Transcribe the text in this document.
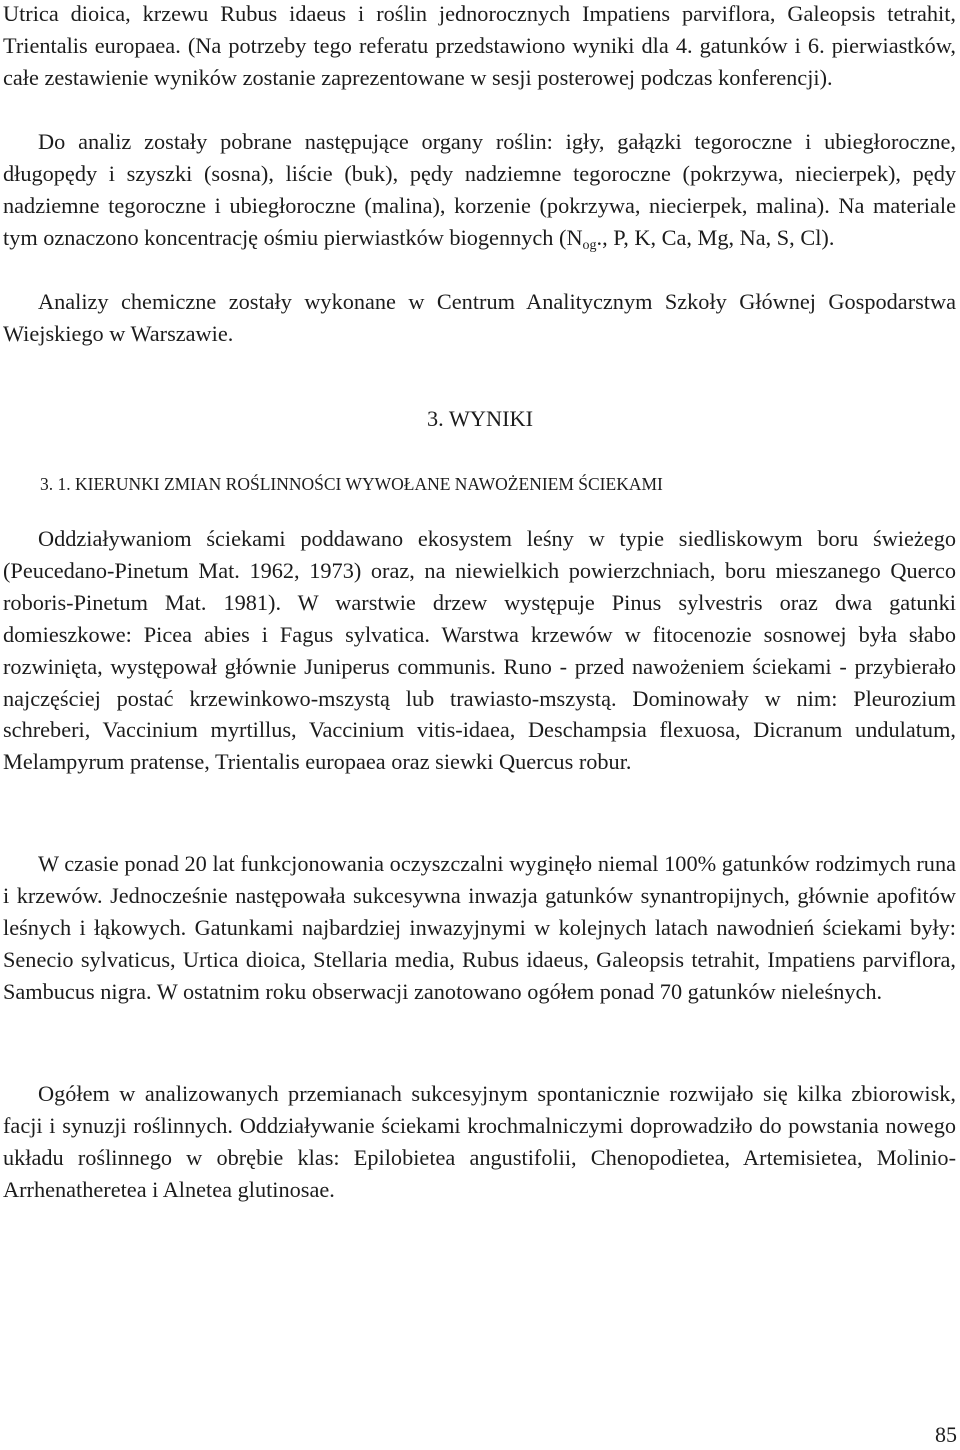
Utrica dioica, krzewu Rubus idaeus i roślin jednorocznych Impatiens parviflora, Galeopsis tetrahit, Trientalis europaea. (Na potrzeby tego referatu przedstawiono wyniki dla 4. gatunków i 6. pierwiastków, całe zestawienie wyników zostanie zaprezentowane w sesji posterowej podczas konferencji).

Do analiz zostały pobrane następujące organy roślin: igły, gałązki tegoroczne i ubiegłoroczne, długopędy i szyszki (sosna), liście (buk), pędy nadziemne tegoroczne (pokrzywa, niecierpek), pędy nadziemne tegoroczne i ubiegłoroczne (malina), korzenie (pokrzywa, niecierpek, malina). Na materiale tym oznaczono koncentrację ośmiu pierwiastków biogennych ($N_{og}$., P, K, Ca, Mg, Na, S, Cl).

Analizy chemiczne zostały wykonane w Centrum Analitycznym Szkoły Głównej Gospodarstwa Wiejskiego w Warszawie.

3. WYNIKI

3. 1. KIERUNKI ZMIAN ROŚLINNOŚCI WYWOŁANE NAWOŻENIEM ŚCIEKAMI

Oddziaływaniom ściekami poddawano ekosystem leśny w typie siedliskowym boru świeżego (Peucedano-Pinetum Mat. 1962, 1973) oraz, na niewielkich powierzchniach, boru mieszanego Querco roboris-Pinetum Mat. 1981). W warstwie drzew występuje Pinus sylvestris oraz dwa gatunki domieszkowe: Picea abies i Fagus sylvatica. Warstwa krzewów w fitocenozie sosnowej była słabo rozwinięta, występował głównie Juniperus communis. Runo - przed nawożeniem ściekami - przybierało najczęściej postać krzewinkowo-mszystą lub trawiasto-mszystą. Dominowały w nim: Pleurozium schreberi, Vaccinium myrtillus, Vaccinium vitis-idaea, Deschampsia flexuosa, Dicranum undulatum, Melampyrum pratense, Trientalis europaea oraz siewki Quercus robur.

W czasie ponad 20 lat funkcjonowania oczyszczalni wyginęło niemal 100% gatunków rodzimych runa i krzewów. Jednocześnie następowała sukcesywna inwazja gatunków synantropijnych, głównie apofitów leśnych i łąkowych. Gatunkami najbardziej inwazyjnymi w kolejnych latach nawodnień ściekami były: Senecio sylvaticus, Urtica dioica, Stellaria media, Rubus idaeus, Galeopsis tetrahit, Impatiens parviflora, Sambucus nigra. W ostatnim roku obserwacji zanotowano ogółem ponad 70 gatunków nieleśnych.

Ogółem w analizowanych przemianach sukcesyjnym spontanicznie rozwijało się kilka zbiorowisk, facji i synuzji roślinnych. Oddziaływanie ściekami krochmalniczymi doprowadziło do powstania nowego układu roślinnego w obrębie klas: Epilobietea angustifolii, Chenopodietea, Artemisietea, Molinio-Arrhenatheretea i Alnetea glutinosae.

85
